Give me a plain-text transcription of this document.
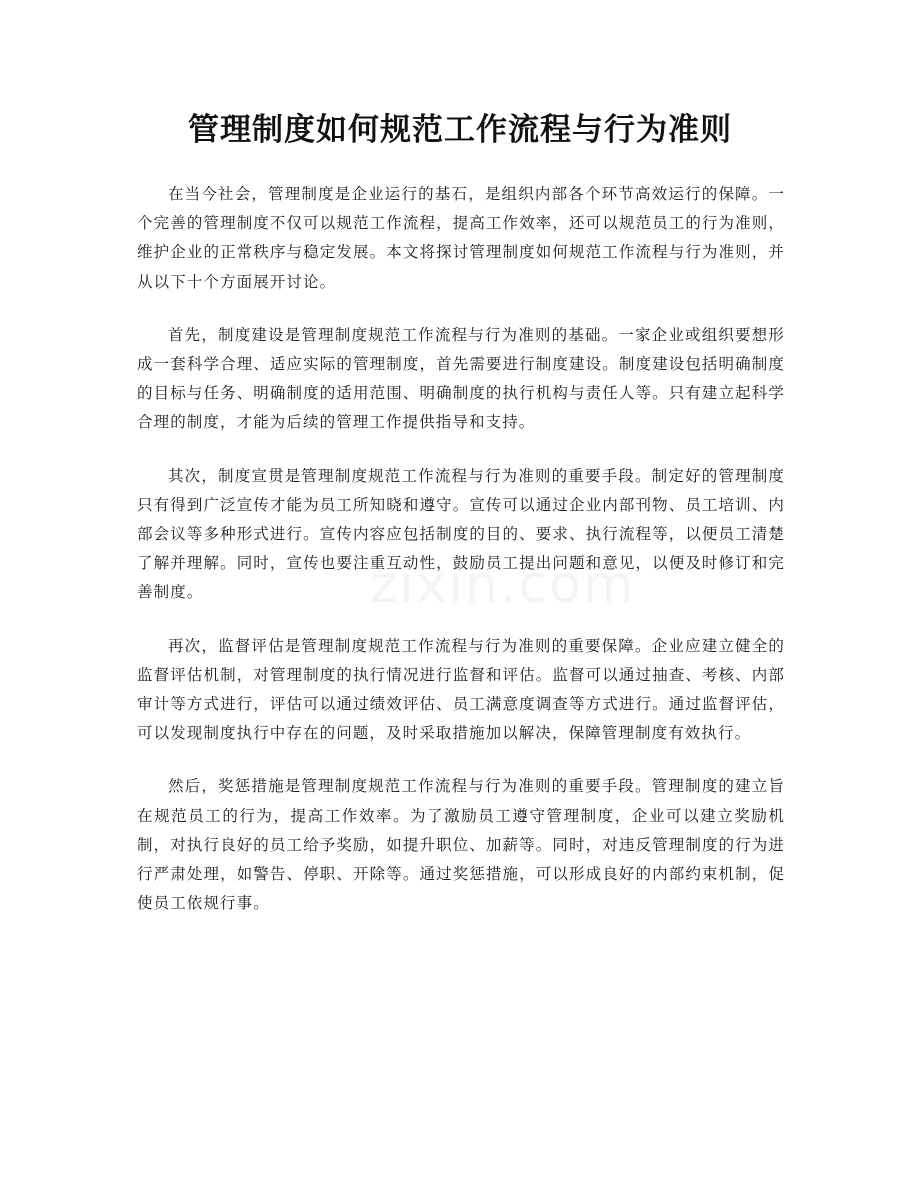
管理制度如何规范工作流程与行为准则

在当今社会，管理制度是企业运行的基石，是组织内部各个环节高效运行的保障。一个完善的管理制度不仅可以规范工作流程，提高工作效率，还可以规范员工的行为准则，维护企业的正常秩序与稳定发展。本文将探讨管理制度如何规范工作流程与行为准则，并从以下十个方面展开讨论。

首先，制度建设是管理制度规范工作流程与行为准则的基础。一家企业或组织要想形成一套科学合理、适应实际的管理制度，首先需要进行制度建设。制度建设包括明确制度的目标与任务、明确制度的适用范围、明确制度的执行机构与责任人等。只有建立起科学合理的制度，才能为后续的管理工作提供指导和支持。

其次，制度宣贯是管理制度规范工作流程与行为准则的重要手段。制定好的管理制度只有得到广泛宣传才能为员工所知晓和遵守。宣传可以通过企业内部刊物、员工培训、内部会议等多种形式进行。宣传内容应包括制度的目的、要求、执行流程等，以便员工清楚了解并理解。同时，宣传也要注重互动性，鼓励员工提出问题和意见，以便及时修订和完善制度。

再次，监督评估是管理制度规范工作流程与行为准则的重要保障。企业应建立健全的监督评估机制，对管理制度的执行情况进行监督和评估。监督可以通过抽查、考核、内部审计等方式进行，评估可以通过绩效评估、员工满意度调查等方式进行。通过监督评估，可以发现制度执行中存在的问题，及时采取措施加以解决，保障管理制度有效执行。

然后，奖惩措施是管理制度规范工作流程与行为准则的重要手段。管理制度的建立旨在规范员工的行为，提高工作效率。为了激励员工遵守管理制度，企业可以建立奖励机制，对执行良好的员工给予奖励，如提升职位、加薪等。同时，对违反管理制度的行为进行严肃处理，如警告、停职、开除等。通过奖惩措施，可以形成良好的内部约束机制，促使员工依规行事。
